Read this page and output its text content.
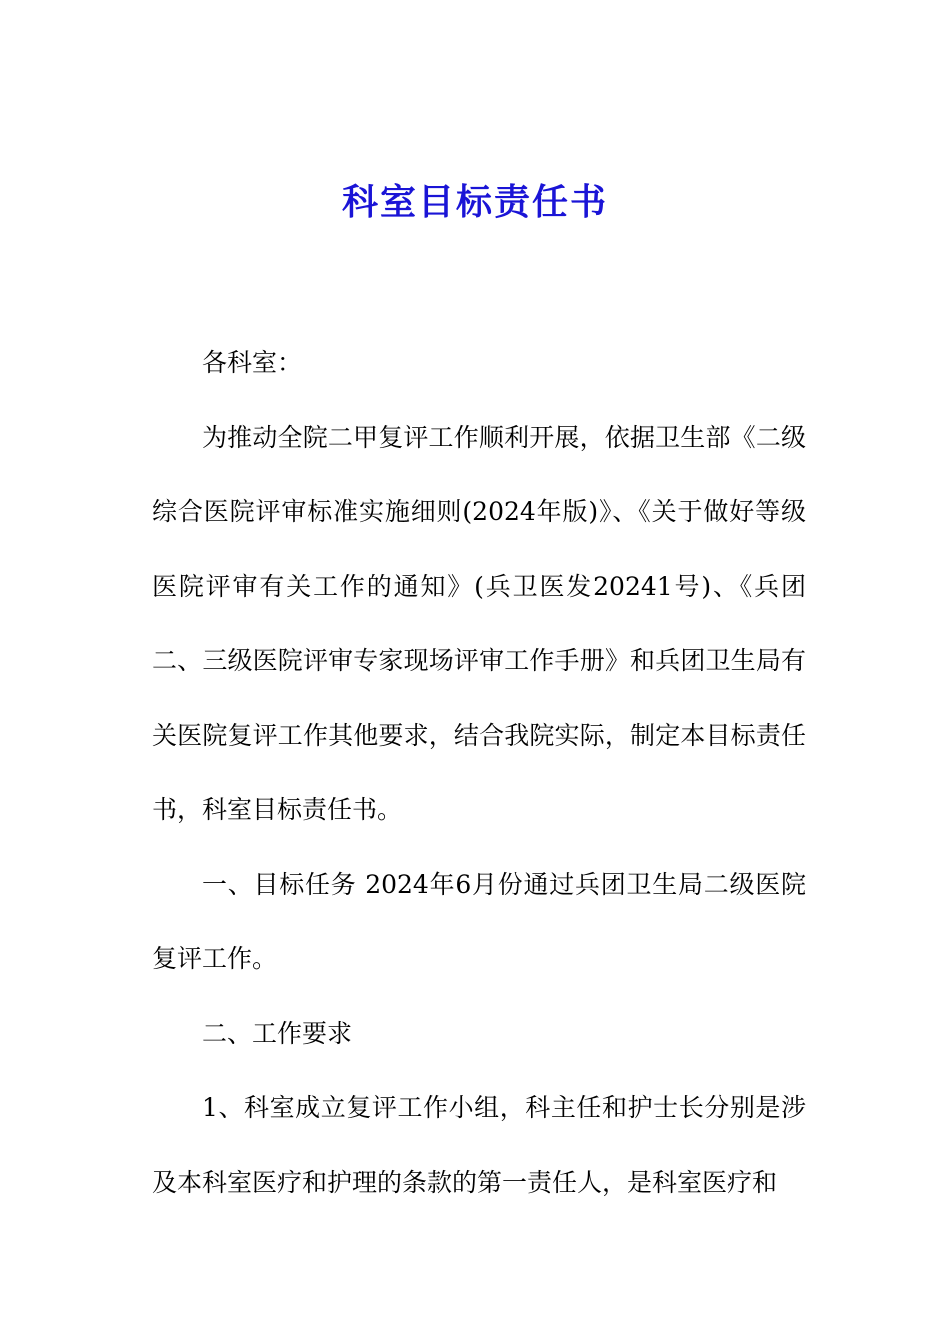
科室目标责任书

各科室：

为推动全院二甲复评工作顺利开展，依据卫生部《二级综合医院评审标准实施细则(2024年版)》、《关于做好等级医院评审有关工作的通知》(兵卫医发20241号)、《兵团二、三级医院评审专家现场评审工作手册》和兵团卫生局有关医院复评工作其他要求，结合我院实际，制定本目标责任书，科室目标责任书。

一、目标任务 2024年6月份通过兵团卫生局二级医院复评工作。

二、工作要求

1、科室成立复评工作小组，科主任和护士长分别是涉及本科室医疗和护理的条款的第一责任人，是科室医疗和
